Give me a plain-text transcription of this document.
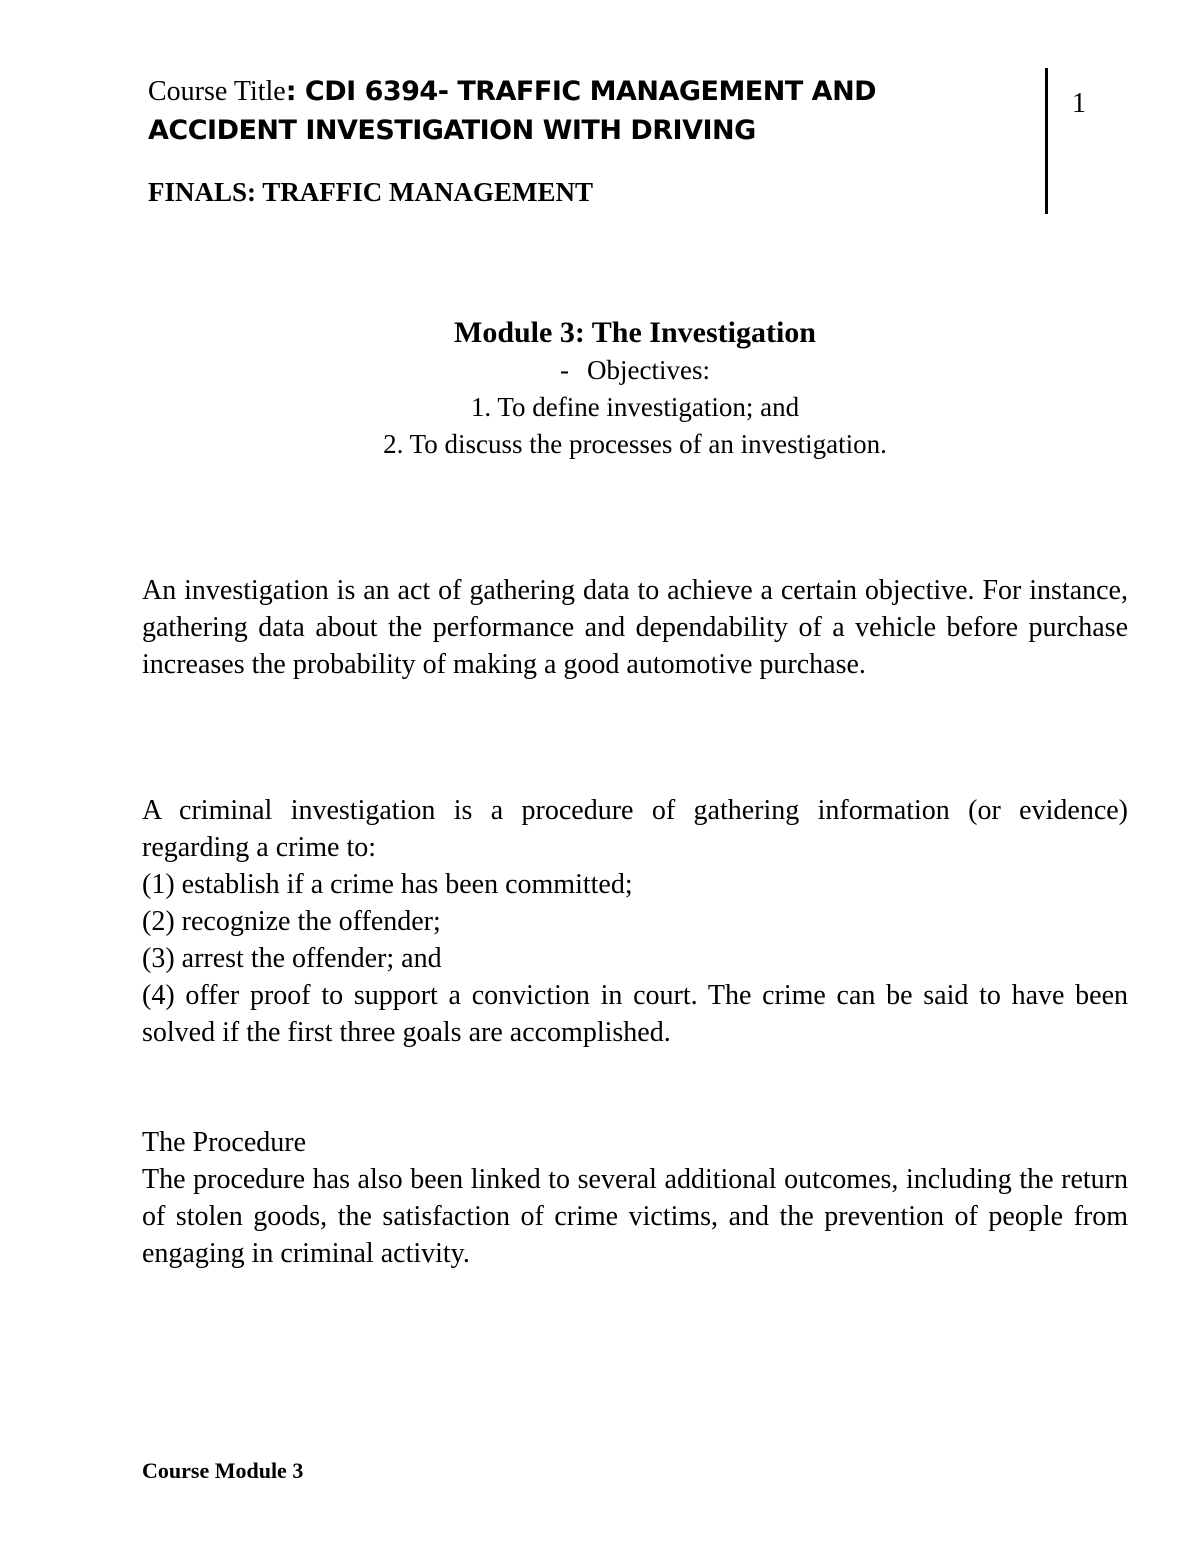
Course Title: CDI 6394- TRAFFIC MANAGEMENT AND ACCIDENT INVESTIGATION WITH DRIVING

FINALS: TRAFFIC MANAGEMENT
1
Module 3: The Investigation
- Objectives:
1. To define investigation; and
2. To discuss the processes of an investigation.

An investigation is an act of gathering data to achieve a certain objective. For instance, gathering data about the performance and dependability of a vehicle before purchase increases the probability of making a good automotive purchase.

A criminal investigation is a procedure of gathering information (or evidence) regarding a crime to:

(1) establish if a crime has been committed;

(2) recognize the offender;

(3) arrest the offender; and

(4) offer proof to support a conviction in court. The crime can be said to have been solved if the first three goals are accomplished.

The Procedure

The procedure has also been linked to several additional outcomes, including the return of stolen goods, the satisfaction of crime victims, and the prevention of people from engaging in criminal activity.

Course Module 3
